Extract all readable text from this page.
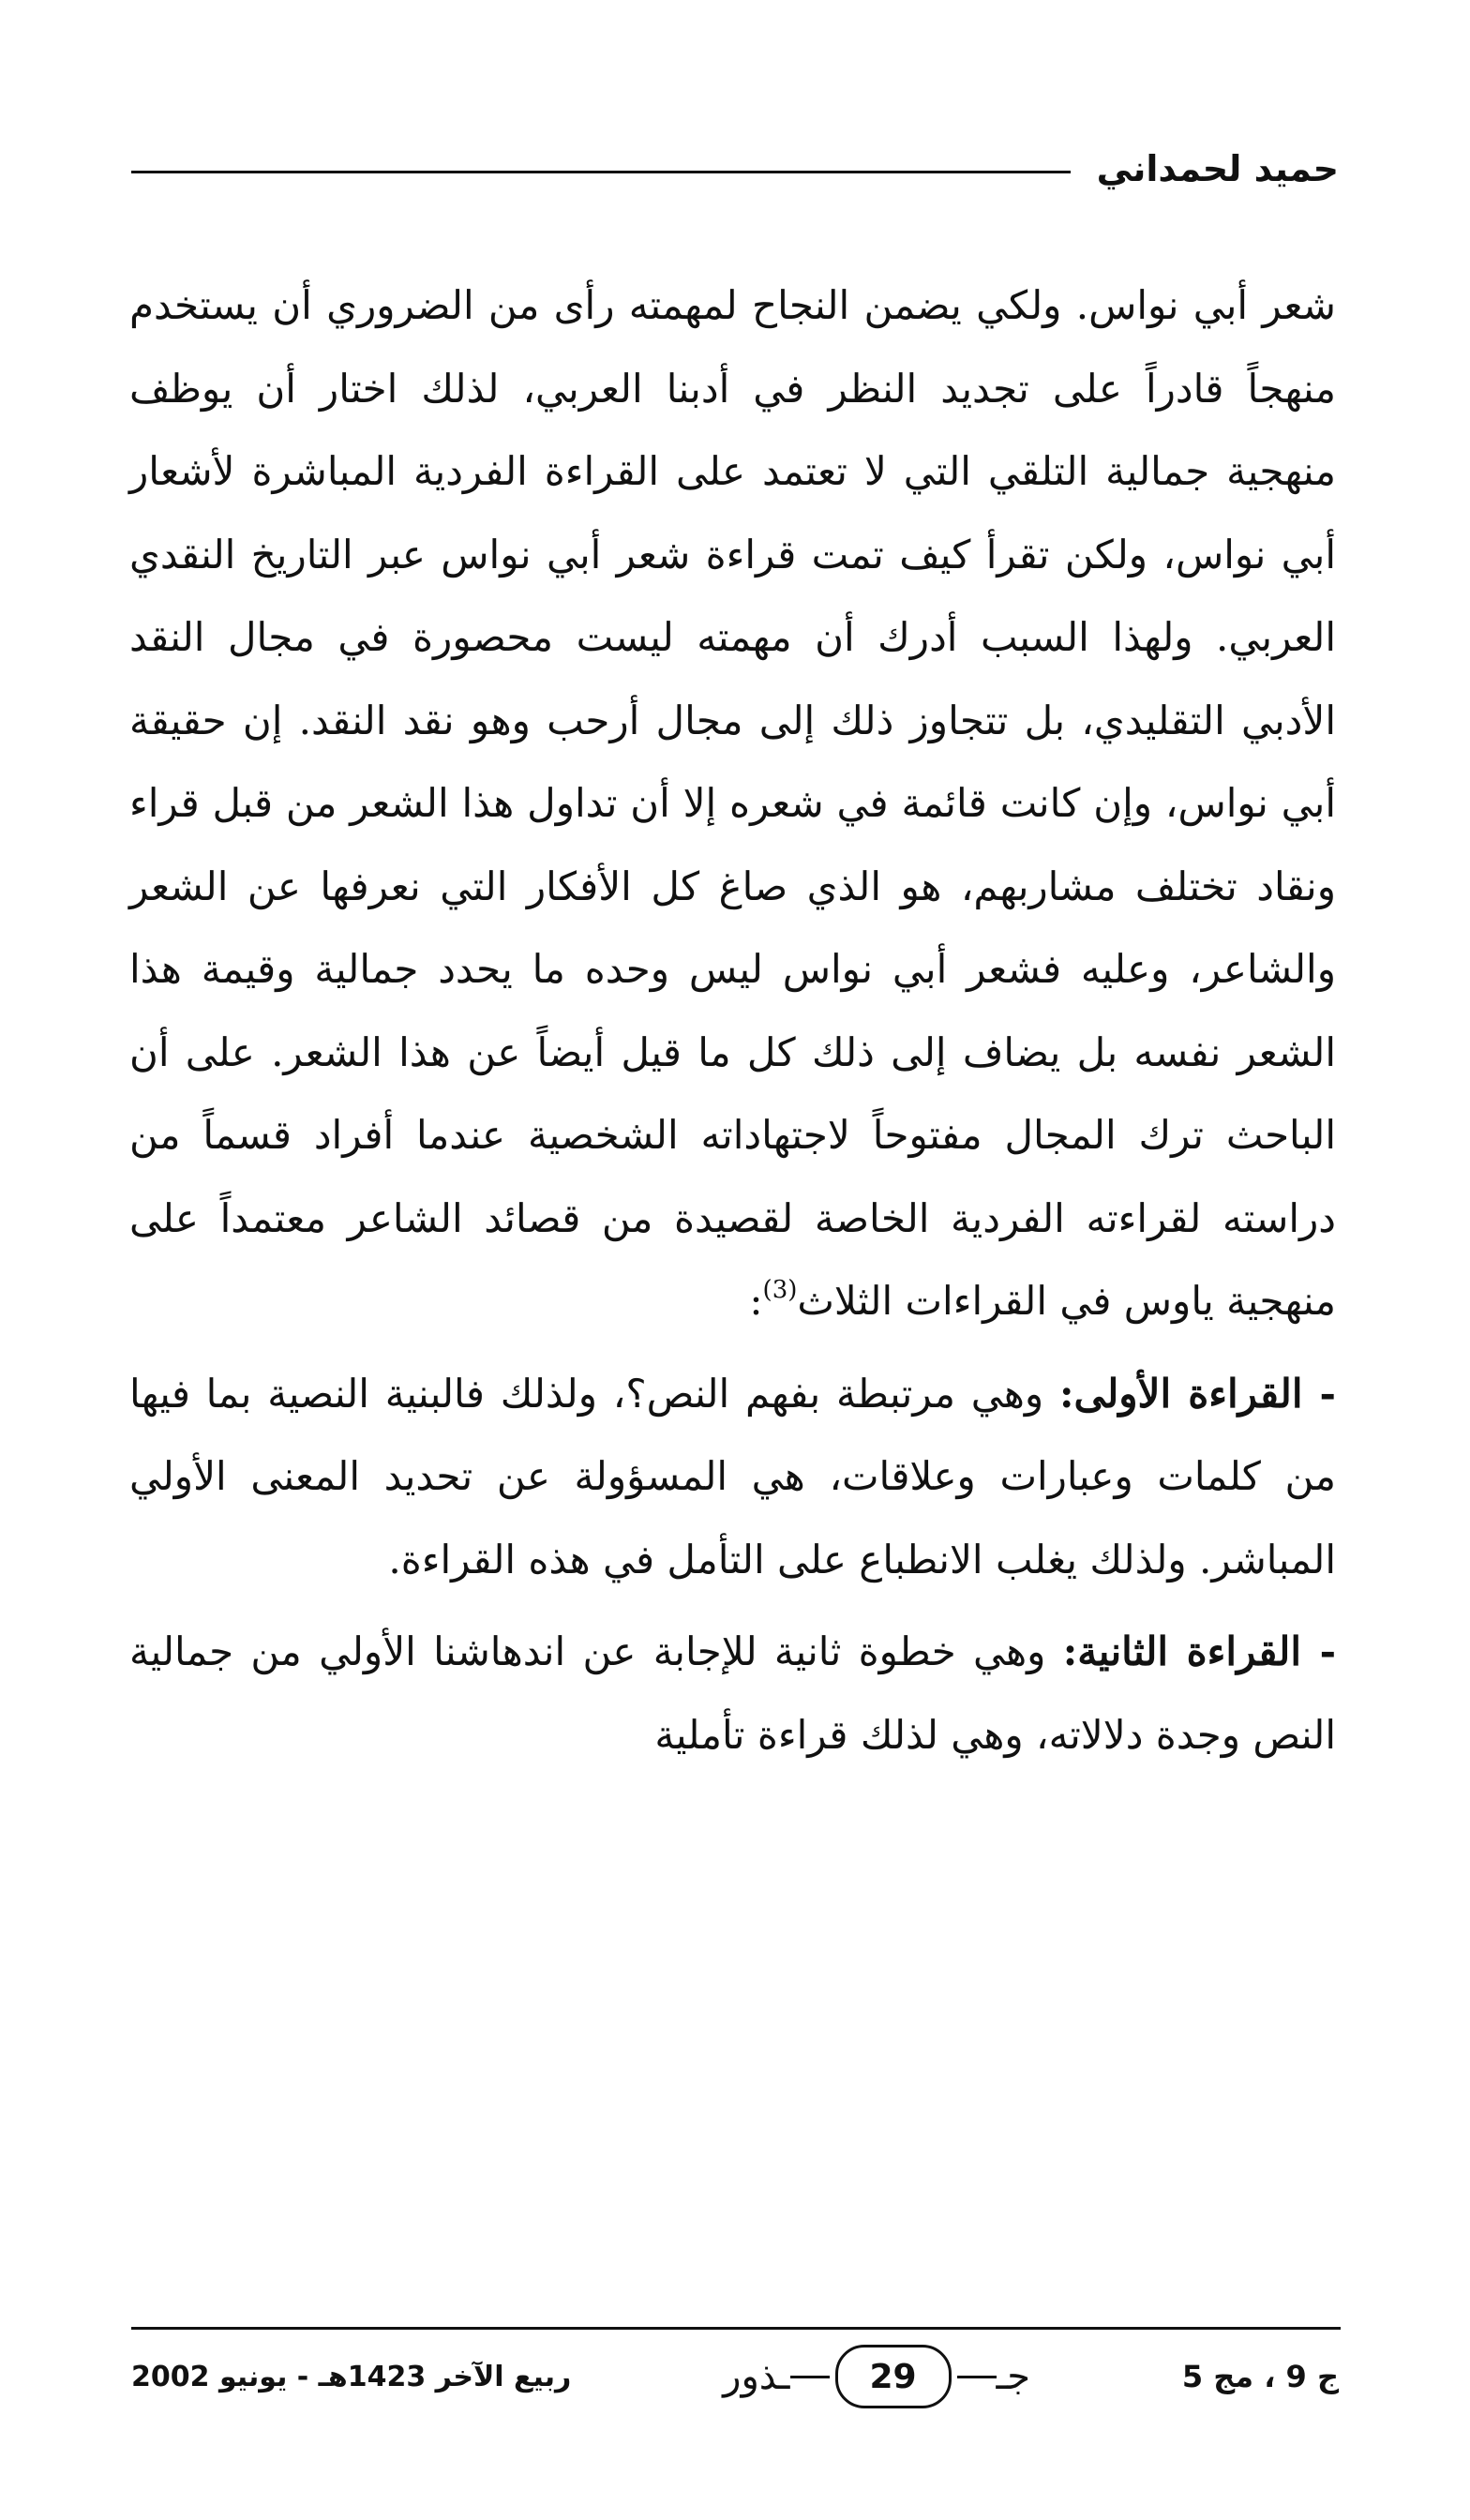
حميد لحمداني

شعر أبي نواس. ولكي يضمن النجاح لمهمته رأى من الضروري أن يستخدم منهجاً قادراً على تجديد النظر في أدبنا العربي، لذلك اختار أن يوظف منهجية جمالية التلقي التي لا تعتمد على القراءة الفردية المباشرة لأشعار أبي نواس، ولكن تقرأ كيف تمت قراءة شعر أبي نواس عبر التاريخ النقدي العربي. ولهذا السبب أدرك أن مهمته ليست محصورة في مجال النقد الأدبي التقليدي، بل تتجاوز ذلك إلى مجال أرحب وهو نقد النقد. إن حقيقة أبي نواس، وإن كانت قائمة في شعره إلا أن تداول هذا الشعر من قبل قراء ونقاد تختلف مشاربهم، هو الذي صاغ كل الأفكار التي نعرفها عن الشعر والشاعر، وعليه فشعر أبي نواس ليس وحده ما يحدد جمالية وقيمة هذا الشعر نفسه بل يضاف إلى ذلك كل ما قيل أيضاً عن هذا الشعر. على أن الباحث ترك المجال مفتوحاً لاجتهاداته الشخصية عندما أفراد قسماً من دراسته لقراءته الفردية الخاصة لقصيدة من قصائد الشاعر معتمداً على منهجية ياوس في القراءات الثلاث$^{(3)}$:

- القراءة الأولى: وهي مرتبطة بفهم النص؟، ولذلك فالبنية النصية بما فيها من كلمات وعبارات وعلاقات، هي المسؤولة عن تحديد المعنى الأولي المباشر. ولذلك يغلب الانطباع على التأمل في هذه القراءة.

- القراءة الثانية: وهي خطوة ثانية للإجابة عن اندهاشنا الأولي من جمالية النص وجدة دلالاته، وهي لذلك قراءة تأملية

ج 9 ، مج 5
جـ
29
ـذور
ربيع الآخر 1423هـ - يونيو 2002
